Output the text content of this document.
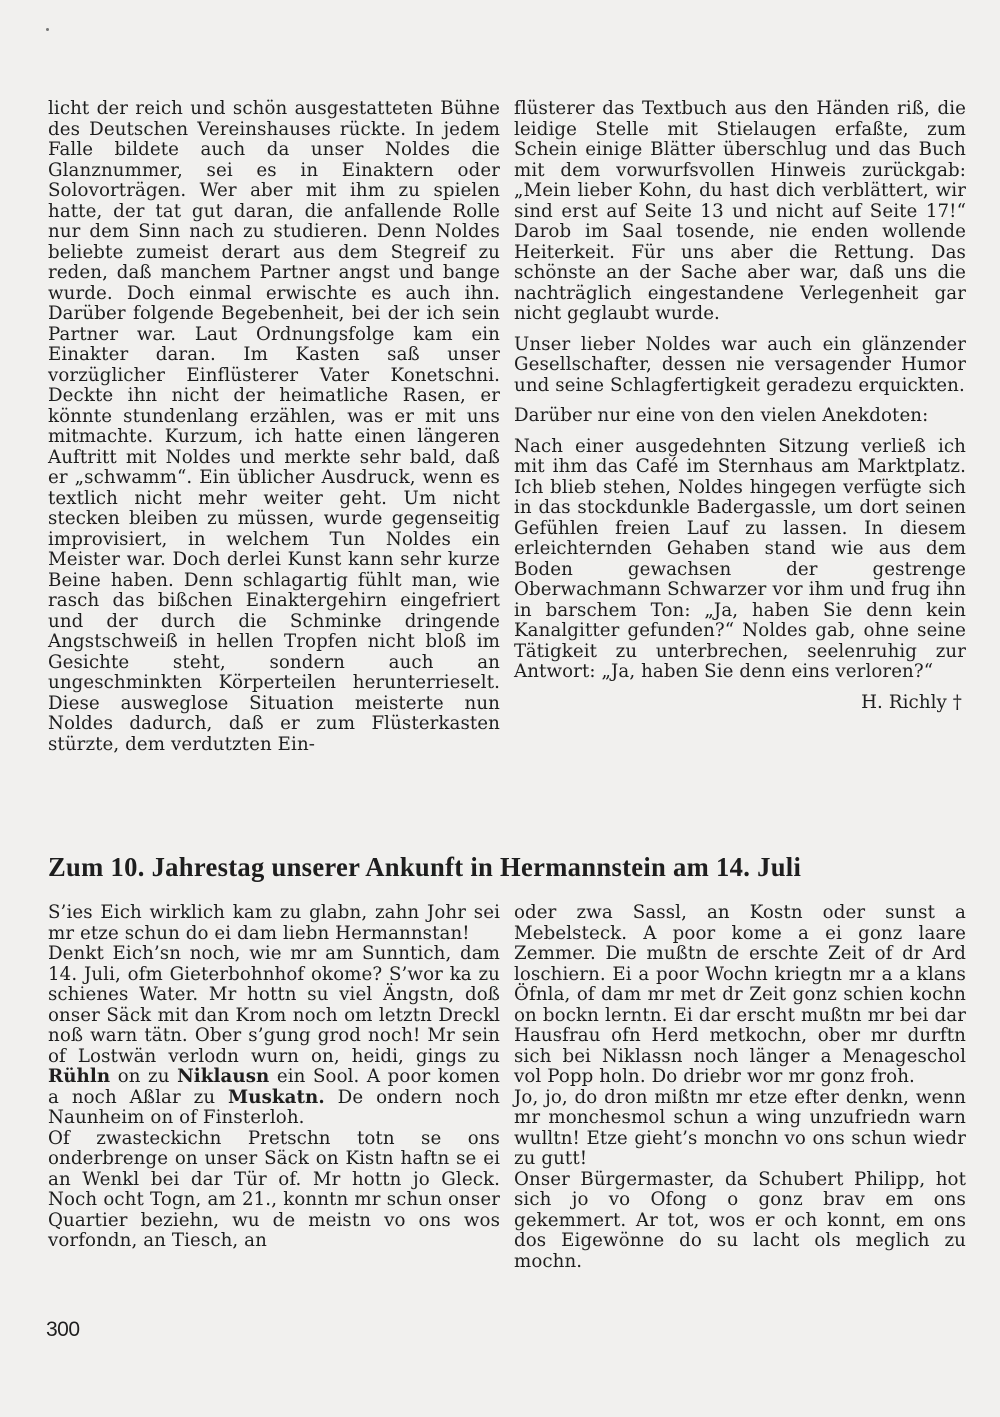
licht der reich und schön ausgestatteten Bühne des Deutschen Vereinshauses rückte. In jedem Falle bildete auch da unser Noldes die Glanznummer, sei es in Einaktern oder Solovorträgen. Wer aber mit ihm zu spielen hatte, der tat gut daran, die anfallende Rolle nur dem Sinn nach zu studieren. Denn Noldes beliebte zumeist derart aus dem Stegreif zu reden, daß manchem Partner angst und bange wurde. Doch einmal erwischte es auch ihn. Darüber folgende Begebenheit, bei der ich sein Partner war. Laut Ordnungsfolge kam ein Einakter daran. Im Kasten saß unser vorzüglicher Einflüsterer Vater Konetschni. Deckte ihn nicht der heimatliche Rasen, er könnte stundenlang erzählen, was er mit uns mitmachte. Kurzum, ich hatte einen längeren Auftritt mit Noldes und merkte sehr bald, daß er „schwamm“. Ein üblicher Ausdruck, wenn es textlich nicht mehr weiter geht. Um nicht stecken bleiben zu müssen, wurde gegenseitig improvisiert, in welchem Tun Noldes ein Meister war. Doch derlei Kunst kann sehr kurze Beine haben. Denn schlagartig fühlt man, wie rasch das bißchen Einaktergehirn eingefriert und der durch die Schminke dringende Angstschweiß in hellen Tropfen nicht bloß im Gesichte steht, sondern auch an ungeschminkten Körperteilen herunterrieselt. Diese ausweglose Situation meisterte nun Noldes dadurch, daß er zum Flüsterkasten stürzte, dem verdutzten Ein-

flüsterer das Textbuch aus den Händen riß, die leidige Stelle mit Stielaugen erfaßte, zum Schein einige Blätter überschlug und das Buch mit dem vorwurfsvollen Hinweis zurückgab: „Mein lieber Kohn, du hast dich verblättert, wir sind erst auf Seite 13 und nicht auf Seite 17!“ Darob im Saal tosende, nie enden wollende Heiterkeit. Für uns aber die Rettung. Das schönste an der Sache aber war, daß uns die nachträglich eingestandene Verlegenheit gar nicht geglaubt wurde.

Unser lieber Noldes war auch ein glänzender Gesellschafter, dessen nie versagender Humor und seine Schlagfertigkeit geradezu erquickten.

Darüber nur eine von den vielen Anekdoten:

Nach einer ausgedehnten Sitzung verließ ich mit ihm das Café im Sternhaus am Marktplatz. Ich blieb stehen, Noldes hingegen verfügte sich in das stockdunkle Badergassle, um dort seinen Gefühlen freien Lauf zu lassen. In diesem erleichternden Gehaben stand wie aus dem Boden gewachsen der gestrenge Oberwachmann Schwarzer vor ihm und frug ihn in barschem Ton: „Ja, haben Sie denn kein Kanalgitter gefunden?“ Noldes gab, ohne seine Tätigkeit zu unterbrechen, seelenruhig zur Antwort: „Ja, haben Sie denn eins verloren?“

H. Richly †
Zum 10. Jahrestag unserer Ankunft in Hermannstein am 14. Juli

S’ies Eich wirklich kam zu glabn, zahn Johr sei mr etze schun do ei dam liebn Hermannstan!

Denkt Eich’sn noch, wie mr am Sunntich, dam 14. Juli, ofm Gieterbohnhof okome? S’wor ka zu schienes Water. Mr hottn su viel Ängstn, doß onser Säck mit dan Krom noch om letztn Dreckl noß warn tätn. Ober s’gung grod noch! Mr sein of Lostwän verlodn wurn on, heidi, gings zu Rühln on zu Niklausn ein Sool. A poor komen a noch Aßlar zu Muskatn. De ondern noch Naunheim on of Finsterloh.

Of zwasteckichn Pretschn totn se ons onderbrenge on unser Säck on Kistn haftn se ei an Wenkl bei dar Tür of. Mr hottn jo Gleck. Noch ocht Togn, am 21., konntn mr schun onser Quartier beziehn, wu de meistn vo ons wos vorfondn, an Tiesch, an

oder zwa Sassl, an Kostn oder sunst a Mebelsteck. A poor kome a ei gonz laare Zemmer. Die mußtn de erschte Zeit of dr Ard loschiern. Ei a poor Wochn kriegtn mr a a klans Öfnla, of dam mr met dr Zeit gonz schien kochn on bockn lerntn. Ei dar erscht mußtn mr bei dar Hausfrau ofn Herd metkochn, ober mr durftn sich bei Niklassn noch länger a Menageschol vol Popp holn. Do driebr wor mr gonz froh.

Jo, jo, do dron mißtn mr etze efter denkn, wenn mr monchesmol schun a wing unzufriedn warn wulltn! Etze gieht’s monchn vo ons schun wiedr zu gutt!

Onser Bürgermaster, da Schubert Philipp, hot sich jo vo Ofong o gonz brav em ons gekemmert. Ar tot, wos er och konnt, em ons dos Eigewönne do su lacht ols meglich zu mochn.

300
